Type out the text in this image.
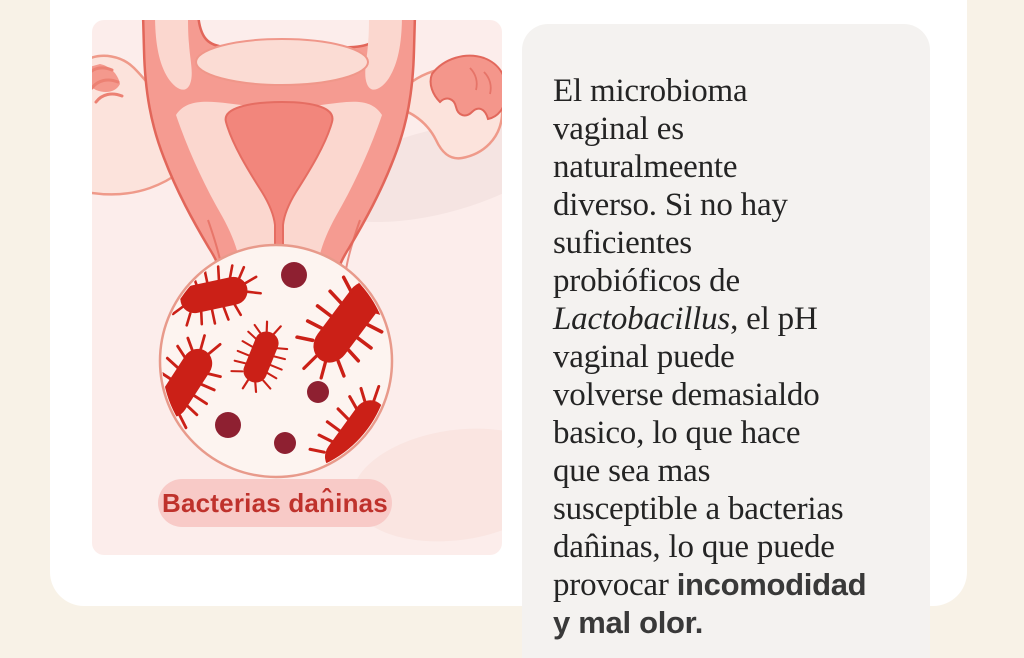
Bacterias dan̂inas
El microbioma
vaginal es
naturalmeente
diverso. Si no hay
suficientes
probióficos de
Lactobacillus, el pH
vaginal puede
volverse demasialdo
basico, lo que hace
que sea mas
susceptible a bacterias
dan̂inas, lo que puede
provocar incomodidad
y mal olor.
